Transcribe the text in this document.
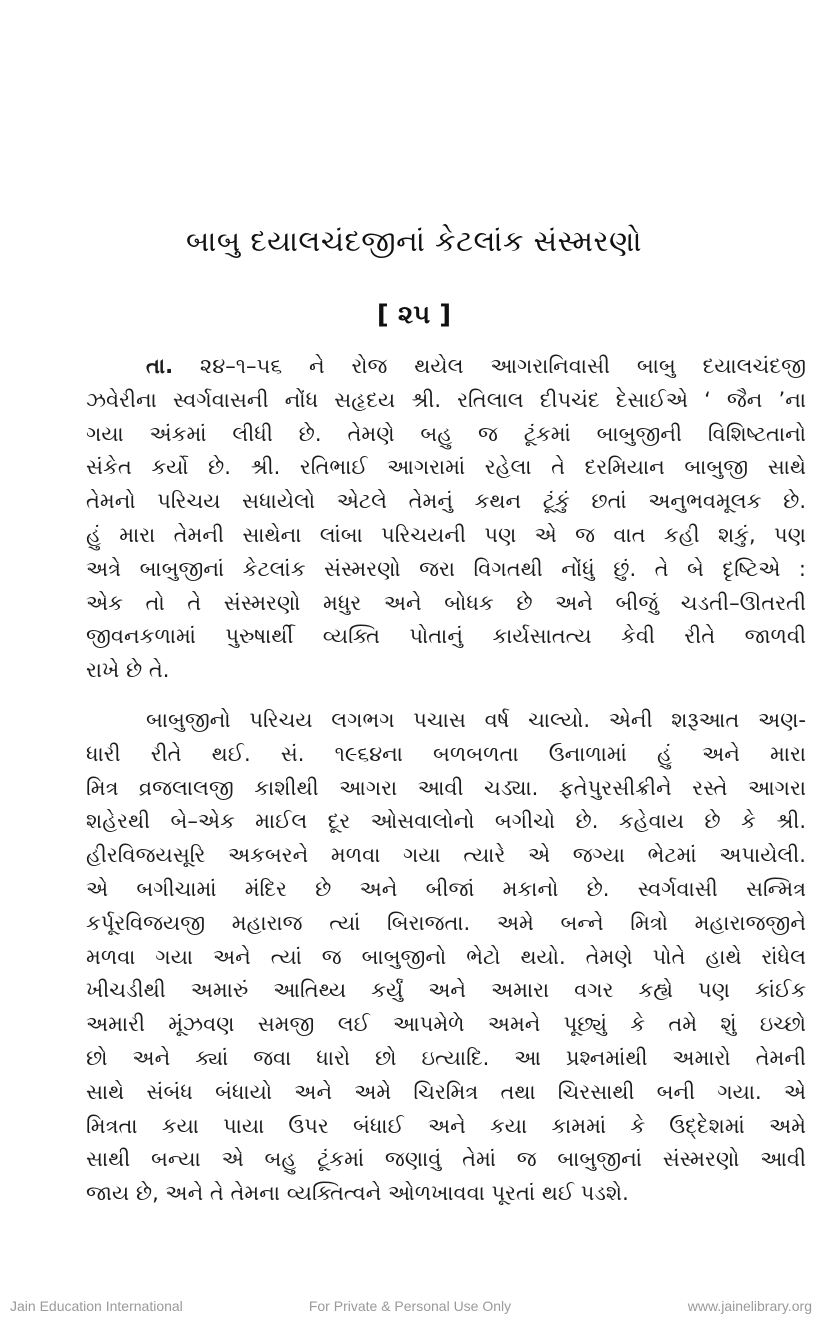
બાબુ દયાલચંદજીનાં કેટલાંક સંસ્મરણો
[ ૨૫ ]
તા. ૨૪–૧–૫૬ ને રોજ થયેલ આગરાનિવાસી બાબુ દયાલચંદજી
ઝવેરીના સ્વર્ગવાસની નોંધ સહૃદય શ્રી. રતિલાલ દીપચંદ દેસાઈએ ‘ જૈન ’ના
ગયા અંકમાં લીધી છે. તેમણે બહુ જ ટૂંકમાં બાબુજીની વિશિષ્ટતાનો
સંકેત કર્યો છે. શ્રી. રતિભાઈ આગરામાં રહેલા તે દરમિયાન બાબુજી સાથે
તેમનો પરિચય સધાયેલો એટલે તેમનું કથન ટૂંકું છતાં અનુભવમૂલક છે.
હું મારા તેમની સાથેના લાંબા પરિચયની પણ એ જ વાત કહી શકું, પણ
અત્રે બાબુજીનાં કેટલાંક સંસ્મરણો જરા વિગતથી નોંધું છું. તે બે દૃષ્ટિએ :
એક તો તે સંસ્મરણો મધુર અને બોધક છે અને બીજું ચડતી–ઊતરતી
જીવનકળામાં પુરુષાર્થી વ્યક્તિ પોતાનું કાર્યસાતત્ય કેવી રીતે જાળવી
રાખે છે તે.
બાબુજીનો પરિચય લગભગ પચાસ વર્ષ ચાલ્યો. એની શરૂઆત અણ-
ધારી રીતે થઈ. સં. ૧૯૬૪ના બળબળતા ઉનાળામાં હું અને મારા
મિત્ર વ્રજલાલજી કાશીથી આગરા આવી ચડ્યા. ફતેપુરસીક્રીને રસ્તે આગરા
શહેરથી બે–એક માઈલ દૂર ઓસવાલોનો બગીચો છે. કહેવાય છે કે શ્રી.
હીરવિજયસૂરિ અકબરને મળવા ગયા ત્યારે એ જગ્યા ભેટમાં અપાયેલી.
એ બગીચામાં મંદિર છે અને બીજાં મકાનો છે. સ્વર્ગવાસી સન્મિત્ર
કર્પૂરવિજયજી મહારાજ ત્યાં બિરાજતા. અમે બન્ને મિત્રો મહારાજજીને
મળવા ગયા અને ત્યાં જ બાબુજીનો ભેટો થયો. તેમણે પોતે હાથે રાંધેલ
ખીચડીથી અમારું આતિથ્ય કર્યું અને અમારા વગર કહ્યે પણ કાંઈક
અમારી મૂંઝવણ સમજી લઈ આપમેળે અમને પૂછ્યું કે તમે શું ઇચ્છો
છો અને ક્યાં જવા ધારો છો ઇત્યાદિ. આ પ્રશ્નમાંથી અમારો તેમની
સાથે સંબંધ બંધાયો અને અમે ચિરમિત્ર તથા ચિરસાથી બની ગયા. એ
મિત્રતા કયા પાયા ઉપર બંધાઈ અને કયા કામમાં કે ઉદ્દેશમાં અમે
સાથી બન્યા એ બહુ ટૂંકમાં જણાવું તેમાં જ બાબુજીનાં સંસ્મરણો આવી
જાય છે, અને તે તેમના વ્યક્તિત્વને ઓળખાવવા પૂરતાં થઈ પડશે.
Jain Education International	For Private & Personal Use Only	www.jainelibrary.org
